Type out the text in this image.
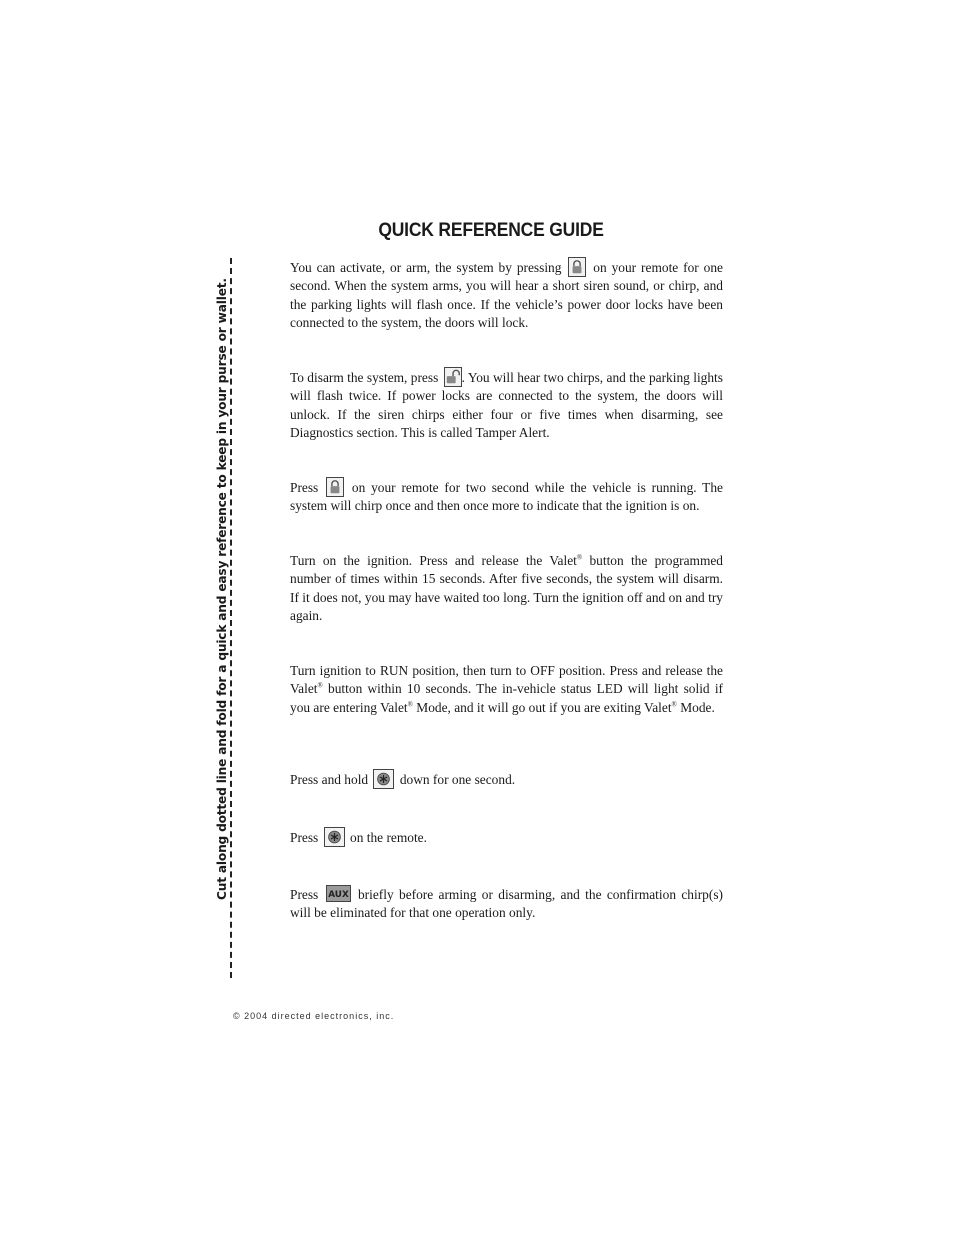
QUICK REFERENCE GUIDE
Cut along dotted line and fold for a quick and easy reference to keep in your purse or wallet.
You can activate, or arm, the system by pressing on your remote for one second. When the system arms, you will hear a short siren sound, or chirp, and the parking lights will flash once. If the vehicle’s power door locks have been connected to the system, the doors will lock.
To disarm the system, press . You will hear two chirps, and the parking lights will flash twice. If power locks are connected to the system, the doors will unlock. If the siren chirps either four or five times when disarming, see Diagnostics section. This is called Tamper Alert.
Press	on your remote for two second while the vehicle is running. The system will chirp once and then once more to indicate that the ignition is on.
Turn on the ignition. Press and release the Valet® button the programmed number of times within 15 seconds. After five seconds, the system will disarm. If it does not, you may have waited too long. Turn the ignition off and on and try again.
Turn ignition to RUN position, then turn to OFF position. Press and release the Valet® button within 10 seconds. The in-vehicle status LED will light solid if you are entering Valet® Mode, and it will go out if you are exiting Valet® Mode.
Press and hold down for one second.
Press on the remote.
Press AUX briefly before arming or disarming, and the confirmation chirp(s) will be eliminated for that one operation only.
© 2004 directed electronics, inc.
